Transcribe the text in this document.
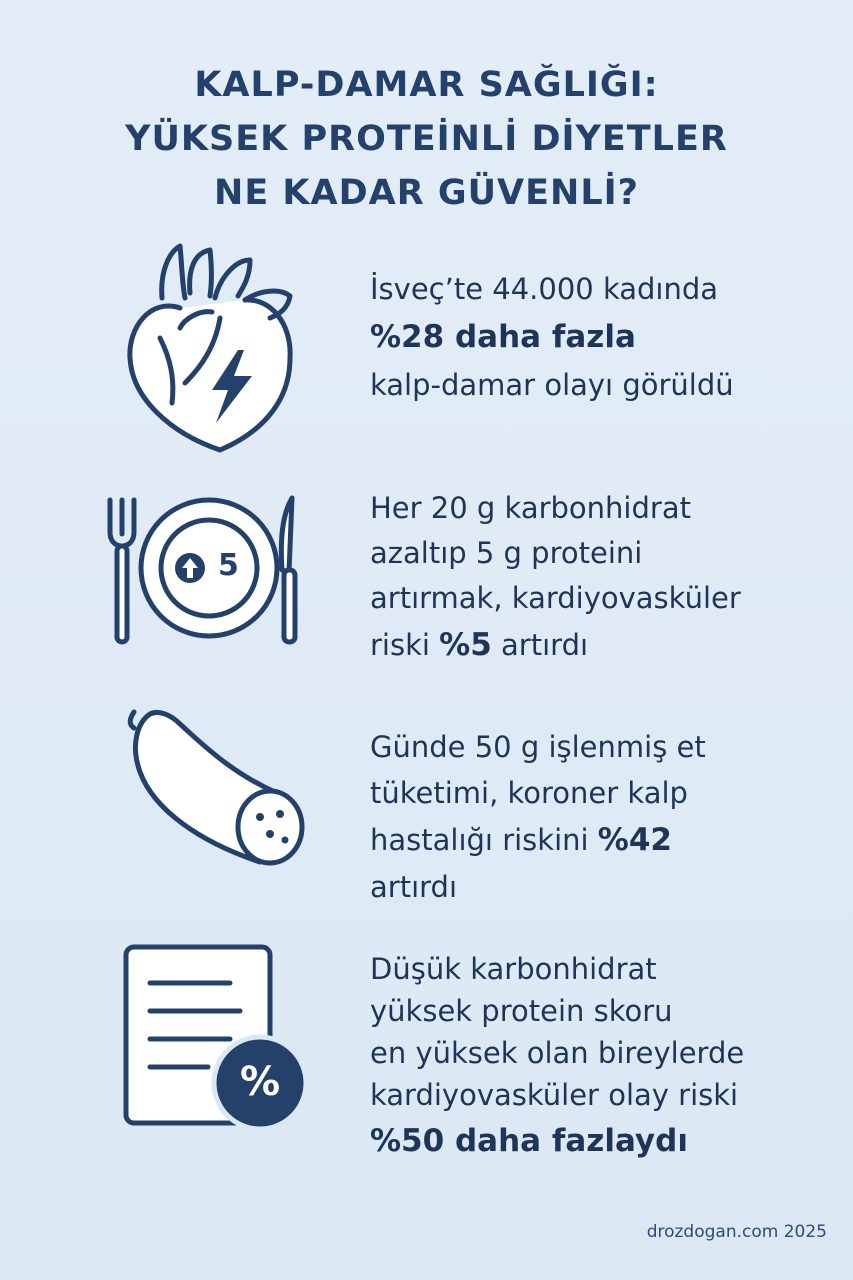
KALP-DAMAR SAĞLIĞI:
YÜKSEK PROTEİNLİ DİYETLER
NE KADAR GÜVENLİ?
İsveç’te 44.000 kadında
%28 daha fazla
kalp-damar olayı görüldü
5
Her 20 g karbonhidrat
azaltıp 5 g proteini
artırmak, kardiyovasküler
riski %5 artırdı
Günde 50 g işlenmiş et
tüketimi, koroner kalp
hastalığı riskini %42
artırdı
%
Düşük karbonhidrat
yüksek protein skoru
en yüksek olan bireylerde
kardiyovasküler olay riski
%50 daha fazlaydı
drozdogan.com 2025
